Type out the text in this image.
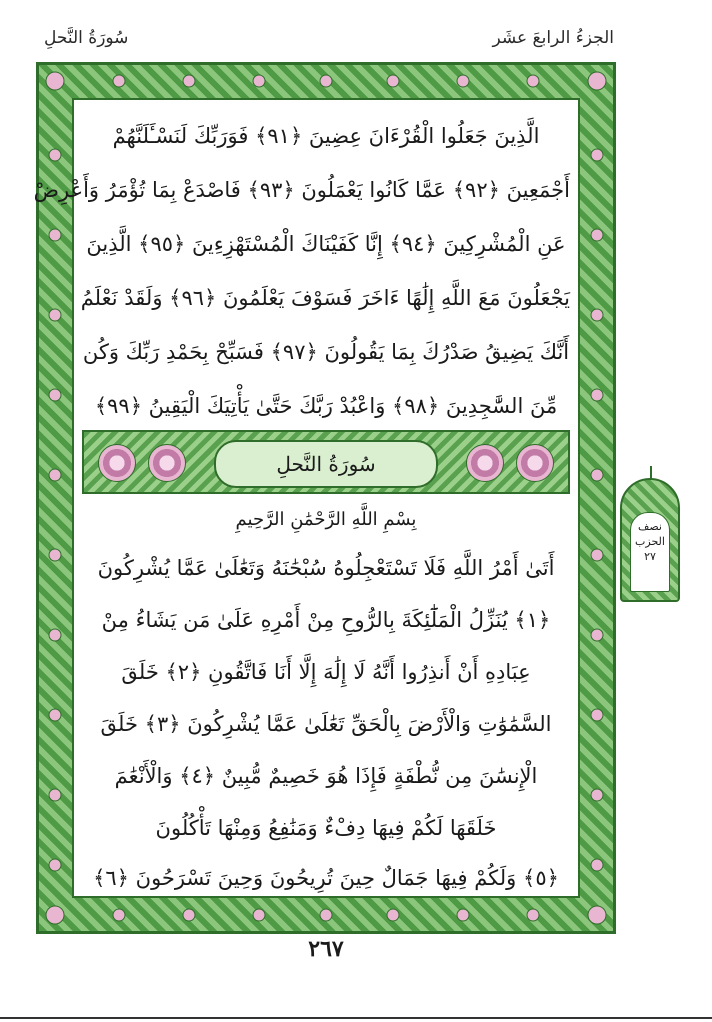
الجزءُ الرابعَ عشَر
سُورَةُ النَّحلِ
الَّذِينَ جَعَلُوا الْقُرْءَانَ عِضِينَ ﴿٩١﴾ فَوَرَبِّكَ لَنَسْـَٔلَنَّهُمْ
أَجْمَعِينَ ﴿٩٢﴾ عَمَّا كَانُوا يَعْمَلُونَ ﴿٩٣﴾ فَاصْدَعْ بِمَا تُؤْمَرُ وَأَعْرِضْ
عَنِ الْمُشْرِكِينَ ﴿٩٤﴾ إِنَّا كَفَيْنَاكَ الْمُسْتَهْزِءِينَ ﴿٩٥﴾ الَّذِينَ
يَجْعَلُونَ مَعَ اللَّهِ إِلَٰهًا ءَاخَرَ فَسَوْفَ يَعْلَمُونَ ﴿٩٦﴾ وَلَقَدْ نَعْلَمُ
أَنَّكَ يَضِيقُ صَدْرُكَ بِمَا يَقُولُونَ ﴿٩٧﴾ فَسَبِّحْ بِحَمْدِ رَبِّكَ وَكُن
مِّنَ السَّٰجِدِينَ ﴿٩٨﴾ وَاعْبُدْ رَبَّكَ حَتَّىٰ يَأْتِيَكَ الْيَقِينُ ﴿٩٩﴾
سُورَةُ النَّحلِ
بِسْمِ اللَّهِ الرَّحْمَٰنِ الرَّحِيمِ
أَتَىٰ أَمْرُ اللَّهِ فَلَا تَسْتَعْجِلُوهُ سُبْحَٰنَهُ وَتَعَٰلَىٰ عَمَّا يُشْرِكُونَ
﴿١﴾ يُنَزِّلُ الْمَلَٰٓئِكَةَ بِالرُّوحِ مِنْ أَمْرِهِ عَلَىٰ مَن يَشَاءُ مِنْ
عِبَادِهِ أَنْ أَنذِرُوا أَنَّهُ لَا إِلَٰهَ إِلَّا أَنَا فَاتَّقُونِ ﴿٢﴾ خَلَقَ
السَّمَٰوَٰتِ وَالْأَرْضَ بِالْحَقِّ تَعَٰلَىٰ عَمَّا يُشْرِكُونَ ﴿٣﴾ خَلَقَ
الْإِنسَٰنَ مِن نُّطْفَةٍ فَإِذَا هُوَ خَصِيمٌ مُّبِينٌ ﴿٤﴾ وَالْأَنْعَٰمَ
خَلَقَهَا لَكُمْ فِيهَا دِفْءٌ وَمَنَٰفِعُ وَمِنْهَا تَأْكُلُونَ
﴿٥﴾ وَلَكُمْ فِيهَا جَمَالٌ حِينَ تُرِيحُونَ وَحِينَ تَسْرَحُونَ ﴿٦﴾
نصف
الحزب
٢٧
٢٦٧
